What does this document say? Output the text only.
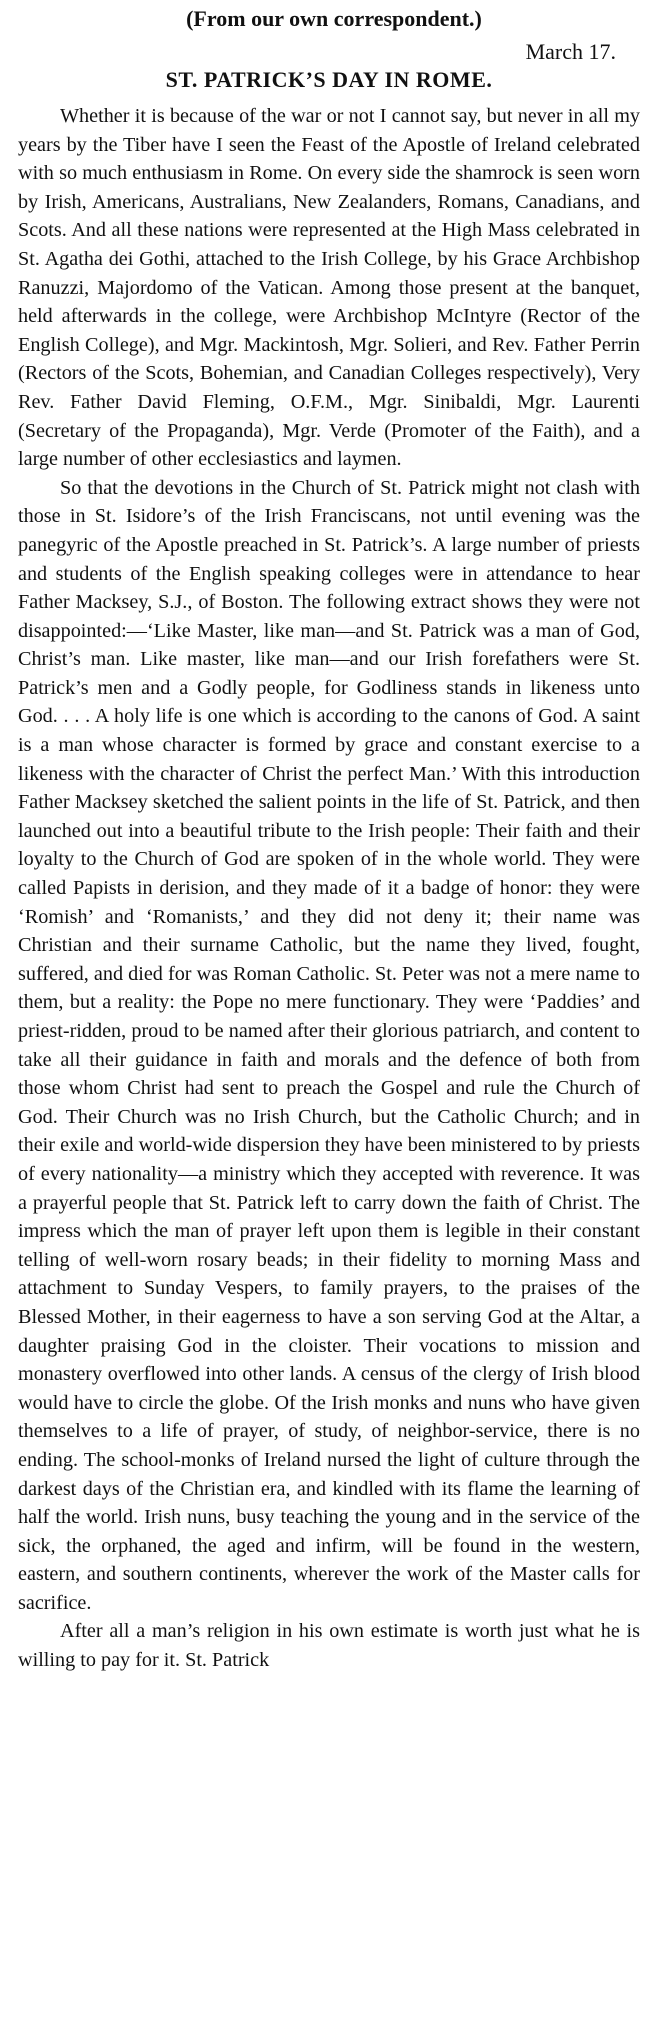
(From our own correspondent.)

March 17.

ST. PATRICK’S DAY IN ROME.

Whether it is because of the war or not I cannot say, but never in all my years by the Tiber have I seen the Feast of the Apostle of Ireland celebrated with so much enthusiasm in Rome. On every side the shamrock is seen worn by Irish, Americans, Australians, New Zealanders, Romans, Canadians, and Scots. And all these nations were represented at the High Mass celebrated in St. Agatha dei Gothi, attached to the Irish College, by his Grace Archbishop Ranuzzi, Majordomo of the Vatican. Among those present at the banquet, held afterwards in the college, were Archbishop McIntyre (Rector of the English College), and Mgr. Mackintosh, Mgr. Solieri, and Rev. Father Perrin (Rectors of the Scots, Bohemian, and Canadian Colleges respectively), Very Rev. Father David Fleming, O.F.M., Mgr. Sinibaldi, Mgr. Laurenti (Secretary of the Propaganda), Mgr. Verde (Promoter of the Faith), and a large number of other ecclesiastics and laymen.

So that the devotions in the Church of St. Patrick might not clash with those in St. Isidore’s of the Irish Franciscans, not until evening was the panegyric of the Apostle preached in St. Patrick’s. A large number of priests and students of the English speaking colleges were in attendance to hear Father Macksey, S.J., of Boston. The following extract shows they were not disappointed:—‘Like Master, like man—and St. Patrick was a man of God, Christ’s man. Like master, like man—and our Irish forefathers were St. Patrick’s men and a Godly people, for Godliness stands in likeness unto God. . . . A holy life is one which is according to the canons of God. A saint is a man whose character is formed by grace and constant exercise to a likeness with the character of Christ the perfect Man.’ With this introduction Father Macksey sketched the salient points in the life of St. Patrick, and then launched out into a beautiful tribute to the Irish people: Their faith and their loyalty to the Church of God are spoken of in the whole world. They were called Papists in derision, and they made of it a badge of honor: they were ‘Romish’ and ‘Romanists,’ and they did not deny it; their name was Christian and their surname Catholic, but the name they lived, fought, suffered, and died for was Roman Catholic. St. Peter was not a mere name to them, but a reality: the Pope no mere functionary. They were ‘Paddies’ and priest-ridden, proud to be named after their glorious patriarch, and content to take all their guidance in faith and morals and the defence of both from those whom Christ had sent to preach the Gospel and rule the Church of God. Their Church was no Irish Church, but the Catholic Church; and in their exile and world-wide dispersion they have been ministered to by priests of every nationality—a ministry which they accepted with reverence. It was a prayerful people that St. Patrick left to carry down the faith of Christ. The impress which the man of prayer left upon them is legible in their constant telling of well-worn rosary beads; in their fidelity to morning Mass and attachment to Sunday Vespers, to family prayers, to the praises of the Blessed Mother, in their eagerness to have a son serving God at the Altar, a daughter praising God in the cloister. Their vocations to mission and monastery overflowed into other lands. A census of the clergy of Irish blood would have to circle the globe. Of the Irish monks and nuns who have given themselves to a life of prayer, of study, of neighbor-service, there is no ending. The school-monks of Ireland nursed the light of culture through the darkest days of the Christian era, and kindled with its flame the learning of half the world. Irish nuns, busy teaching the young and in the service of the sick, the orphaned, the aged and infirm, will be found in the western, eastern, and southern continents, wherever the work of the Master calls for sacrifice.

After all a man’s religion in his own estimate is worth just what he is willing to pay for it. St. Patrick
